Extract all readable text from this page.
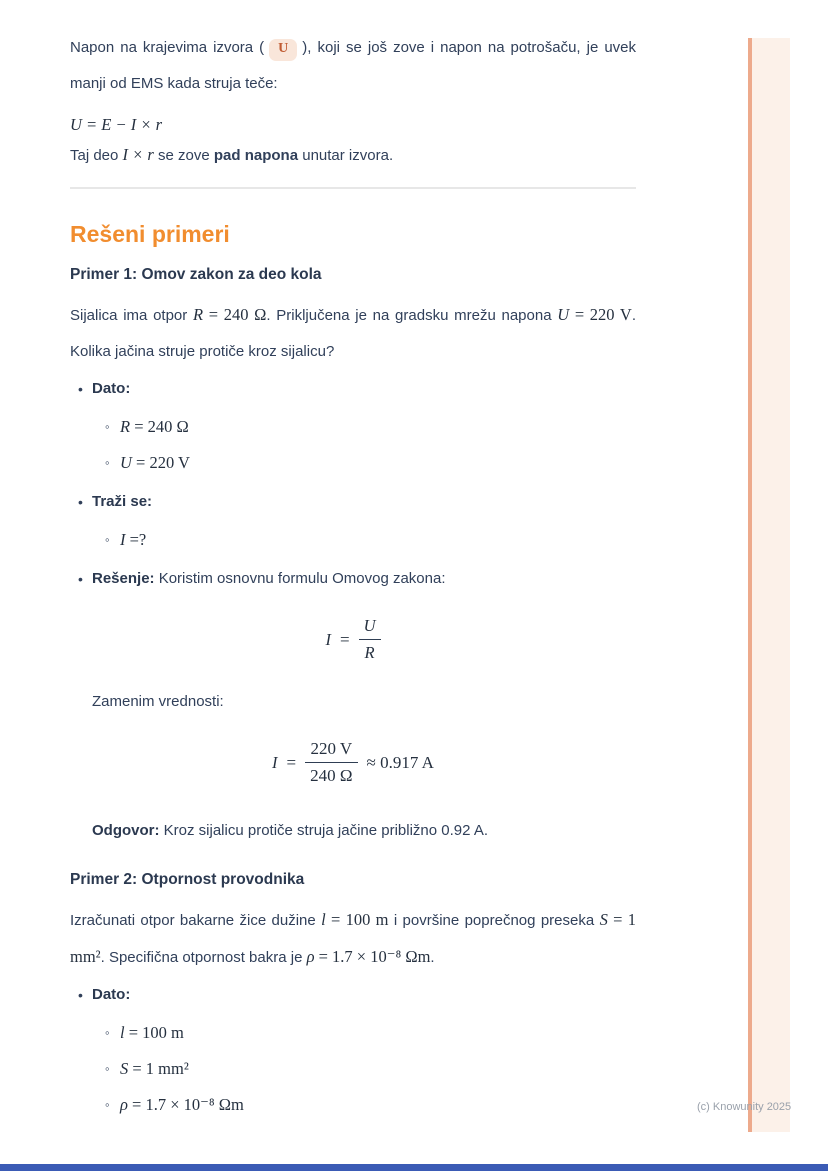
Napon na krajevima izvora ( U ), koji se još zove i napon na potrošaču, je uvek manji od EMS kada struja teče:

U = E − I × r

Taj deo I × r se zove pad napona unutar izvora.

Rešeni primeri
Primer 1: Omov zakon za deo kola

Sijalica ima otpor R = 240 Ω. Priključena je na gradsku mrežu napona U = 220 V. Kolika jačina struje protiče kroz sijalicu?

• Dato:
◦ R = 240 Ω
◦ U = 220 V
• Traži se:
◦ I =?
• Rešenje: Koristim osnovnu formulu Omovog zakona:
$I = \frac{U}{R}$

Zamenim vrednosti:

$I = \frac{220 V}{240 \Omega} \approx 0.917$ A

Odgovor: Kroz sijalicu protiče struja jačine približno 0.92 A.

Primer 2: Otpornost provodnika

Izračunati otpor bakarne žice dužine l = 100 m i površine poprečnog preseka S = 1 mm². Specifična otpornost bakra je ρ = 1.7 × 10⁻⁸ Ωm.

• Dato:
◦ l = 100 m
◦ S = 1 mm²
◦ ρ = 1.7 × 10⁻⁸ Ωm	(c) Knowunity 2025
